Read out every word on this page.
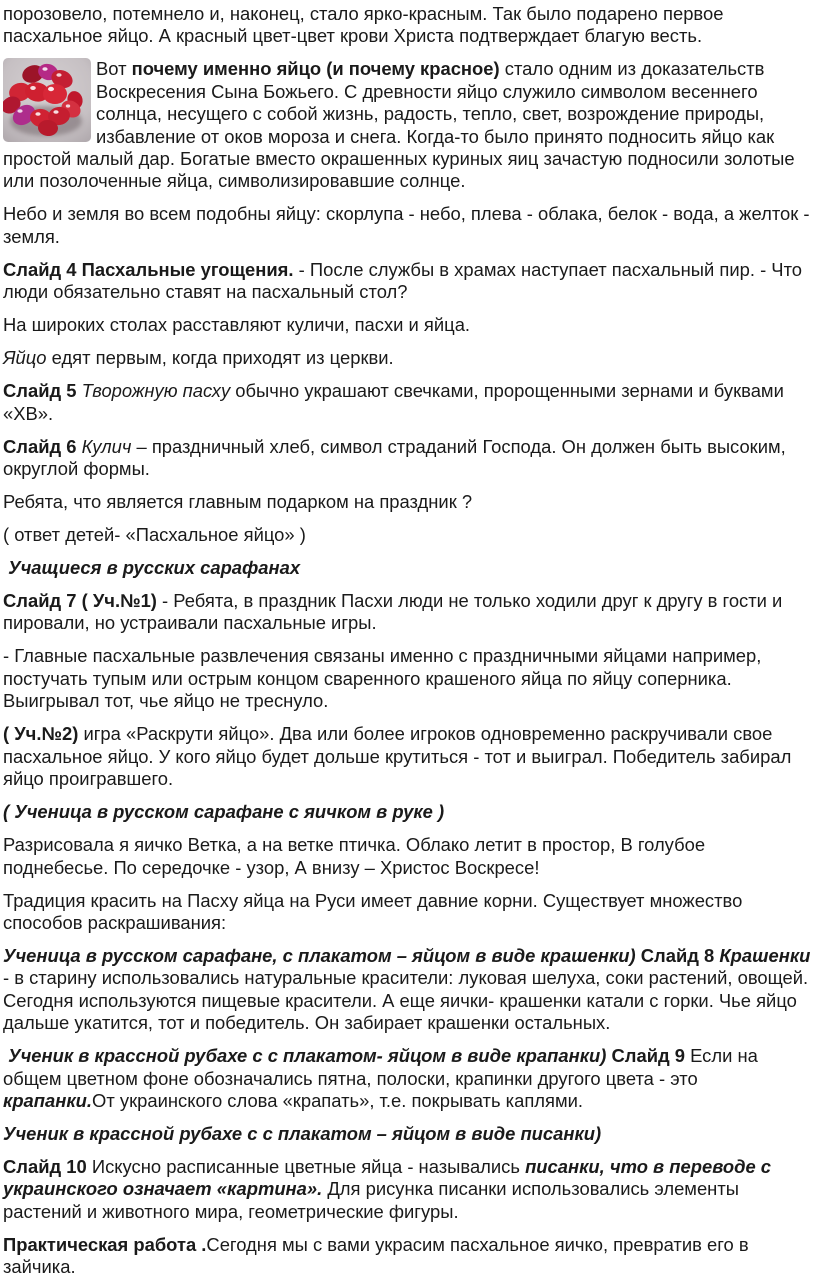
порозовело, потемнело и, наконец, стало ярко-красным. Так было подарено первое пасхальное яйцо. А красный цвет-цвет крови Христа подтверждает благую весть.

Вот почему именно яйцо (и почему красное) стало одним из доказательств Воскресения Сына Божьего. С древности яйцо служило символом весеннего солнца, несущего с собой жизнь, радость, тепло, свет, возрождение природы, избавление от оков мороза и снега. Когда-то было принято подносить яйцо как простой малый дар. Богатые вместо окрашенных куриных яиц зачастую подносили золотые или позолоченные яйца, символизировавшие солнце.

Небо и земля во всем подобны яйцу: скорлупа - небо, плева - облака, белок - вода, а желток - земля.

Слайд 4 Пасхальные угощения. - После службы в храмах наступает пасхальный пир. - Что люди обязательно ставят на пасхальный стол?

На широких столах расставляют куличи, пасхи и яйца.

Яйцо едят первым, когда приходят из церкви.

Слайд 5 Творожную пасху обычно украшают свечками, пророщенными зернами и буквами «ХВ».

Слайд 6 Кулич – праздничный хлеб, символ страданий Господа. Он должен быть высоким, округлой формы.

Ребята, что является главным подарком на праздник ?

( ответ детей- «Пасхальное яйцо» )

Учащиеся в русских сарафанах

Слайд 7 ( Уч.№1) - Ребята, в праздник Пасхи люди не только ходили друг к другу в гости и пировали, но устраивали пасхальные игры.

- Главные пасхальные развлечения связаны именно с праздничными яйцами например, постучать тупым или острым концом сваренного крашеного яйца по яйцу соперника. Выигрывал тот, чье яйцо не треснуло.

( Уч.№2) игра «Раскрути яйцо». Два или более игроков одновременно раскручивали свое пасхальное яйцо. У кого яйцо будет дольше крутиться - тот и выиграл. Победитель забирал яйцо проигравшего.

( Ученица в русском сарафане с яичком в руке )

Разрисовала я яичко Ветка, а на ветке птичка. Облако летит в простор, В голубое поднебесье. По середочке - узор, А внизу – Христос Воскресе!

Традиция красить на Пасху яйца на Руси имеет давние корни. Существует множество способов раскрашивания:

Ученица в русском сарафане, с плакатом – яйцом в виде крашенки) Слайд 8 Крашенки - в старину использовались натуральные красители: луковая шелуха, соки растений, овощей. Сегодня используются пищевые красители. А еще яички- крашенки катали с горки. Чье яйцо дальше укатится, тот и победитель. Он забирает крашенки остальных.

Ученик в крассной рубахе с с плакатом- яйцом в виде крапанки) Слайд 9 Если на общем цветном фоне обозначались пятна, полоски, крапинки другого цвета - это крапанки.От украинского слова «крапать», т.е. покрывать каплями.

Ученик в крассной рубахе с с плакатом – яйцом в виде писанки)

Слайд 10 Искусно расписанные цветные яйца - назывались писанки, что в переводе с украинского означает «картина». Для рисунка писанки использовались элементы растений и животного мира, геометрические фигуры.

Практическая работа .Сегодня мы с вами украсим пасхальное яичко, превратив его в зайчика.
